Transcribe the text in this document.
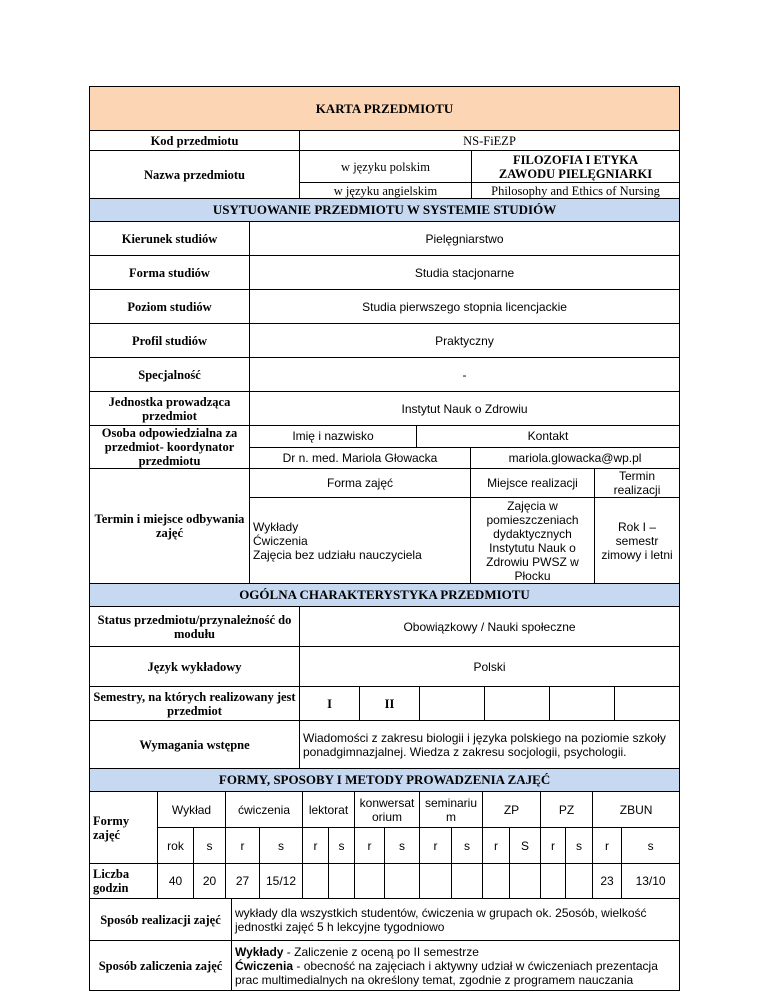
KARTA PRZEDMIOTU		
Kod przedmiotu	NS-FiEZP	
Nazwa przedmiotu	w języku polskim	FILOZOFIA I ETYKA
ZAWODU PIELĘGNIARKI
	w języku angielskim	Philosophy and Ethics of Nursing
USYTUOWANIE PRZEDMIOTU W SYSTEMIE STUDIÓW				
Kierunek studiów	Pielęgniarstwo			
Forma studiów	Studia stacjonarne			
Poziom studiów	Studia pierwszego stopnia licencjackie			
Profil studiów	Praktyczny			
Specjalność	-			
Jednostka prowadząca przedmiot	Instytut Nauk o Zdrowiu			
Osoba odpowiedzialna za przedmiot- koordynator przedmiotu	Imię i nazwisko	Kontakt		
	Dr n. med. Mariola Głowacka		mariola.glowacka@wp.pl	
Termin i miejsce odbywania zajęć	Forma zajęć		Miejsce realizacji	Termin realizacji
	Wykłady
Ćwiczenia
Zajęcia bez udziału nauczyciela		Zajęcia w pomieszczeniach dydaktycznych Instytutu Nauk o Zdrowiu PWSZ w Płocku	Rok I – semestr zimowy i letni
OGÓLNA CHARAKTERYSTYKA PRZEDMIOTU						
Status przedmiotu/przynależność do modułu	Obowiązkowy / Nauki społeczne					
Język wykładowy	Polski					
Semestry, na których realizowany jest przedmiot	I	II				
Wymagania wstępne	Wiadomości z zakresu biologii i języka polskiego na poziomie szkoły ponadgimnazjalnej. Wiedza z zakresu socjologii, psychologii.					
FORMY, SPOSOBY I METODY PROWADZENIA ZAJĘĆ																
Formy zajęć	Wykład		ćwiczenia		lektorat		konwersat
orium		seminariu
m		ZP		PZ		ZBUN	
	rok	s	r	s	r	s	r	s	r	s	r	S	r	s	r	s
Liczba godzin	40	20	27	15/12											23	13/10
Sposób realizacji zajęć	wykłady dla wszystkich studentów, ćwiczenia w grupach ok. 25osób, wielkość jednostki zajęć 5 h lekcyjne tygodniowo
Sposób zaliczenia zajęć	Wykłady - Zaliczenie z oceną po II semestrze
Ćwiczenia - obecność na zajęciach i aktywny udział w ćwiczeniach prezentacja prac multimedialnych na określony temat, zgodnie z programem nauczania
